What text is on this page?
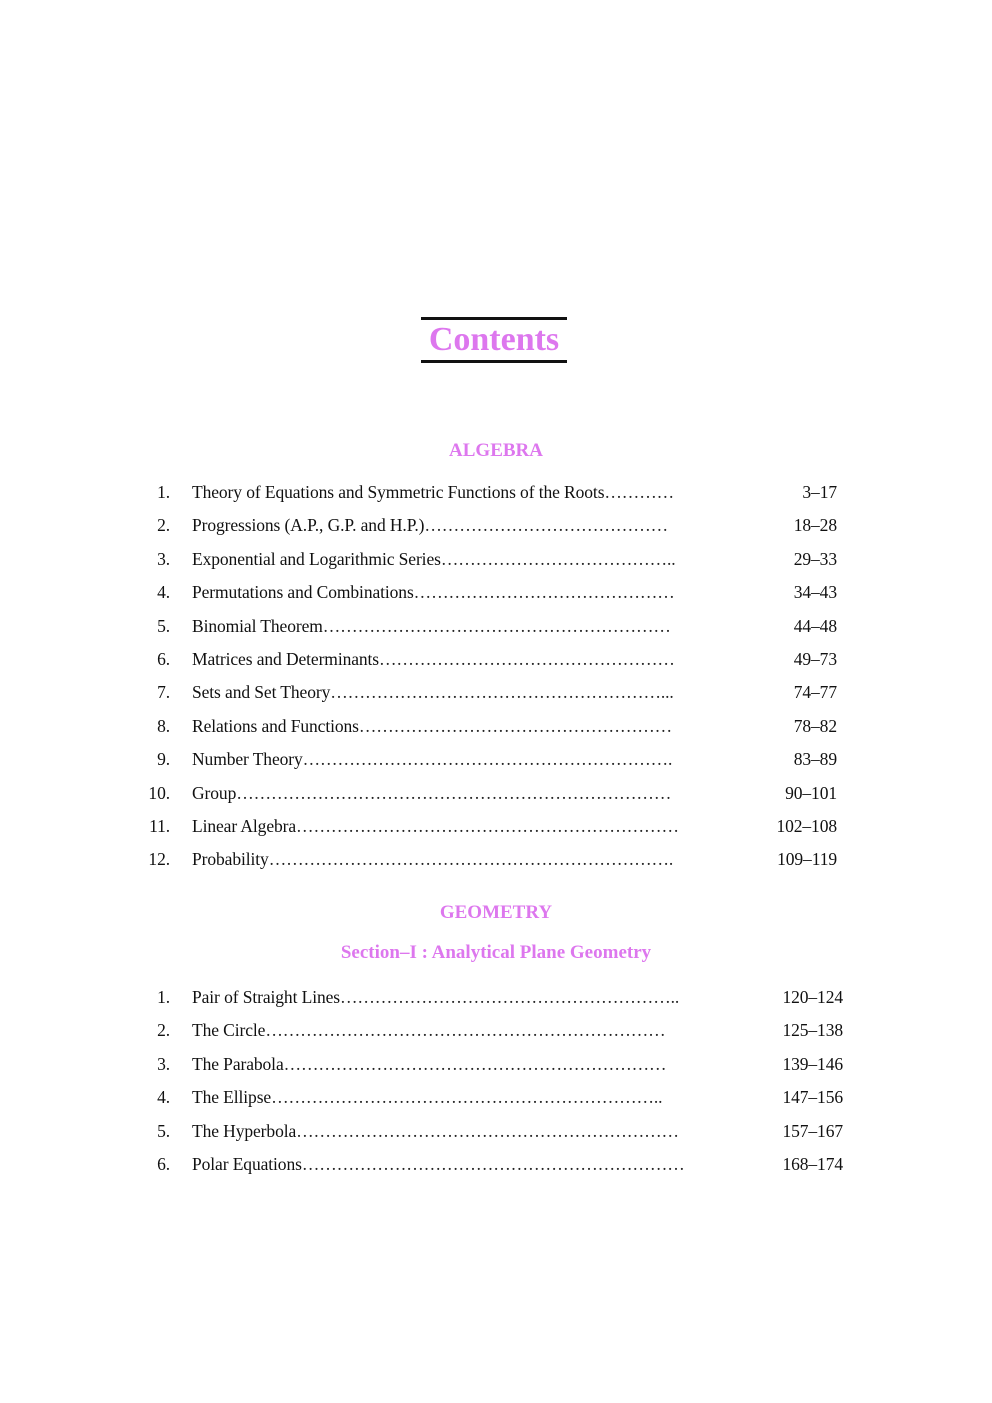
Contents
ALGEBRA
1. Theory of Equations and Symmetric Functions of the Roots…………	3–17
2. Progressions (A.P., G.P. and H.P.)……………………………………	18–28
3. Exponential and Logarithmic Series…………………………………..	29–33
4. Permutations and Combinations………………………………………	34–43
5. Binomial Theorem……………………………………………………	44–48
6. Matrices and Determinants……………………………………………	49–73
7. Sets and Set Theory…………………………………………………...	74–77
8. Relations and Functions………………………………………………	78–82
9. Number Theory……………………………………………………….	83–89
10. Group…………………………………………………………………	90–101
11. Linear Algebra…………………………………………………………	102–108
12. Probability…………………………………………………………….	109–119
GEOMETRY
Section–I : Analytical Plane Geometry
1. Pair of Straight Lines…………………………………………………..	120–124
2. The Circle……………………………………………………………	125–138
3. The Parabola…………………………………………………………	139–146
4. The Ellipse…………………………………………………………..	147–156
5. The Hyperbola…………………………………………………………	157–167
6. Polar Equations…………………………………………………………	168–174
